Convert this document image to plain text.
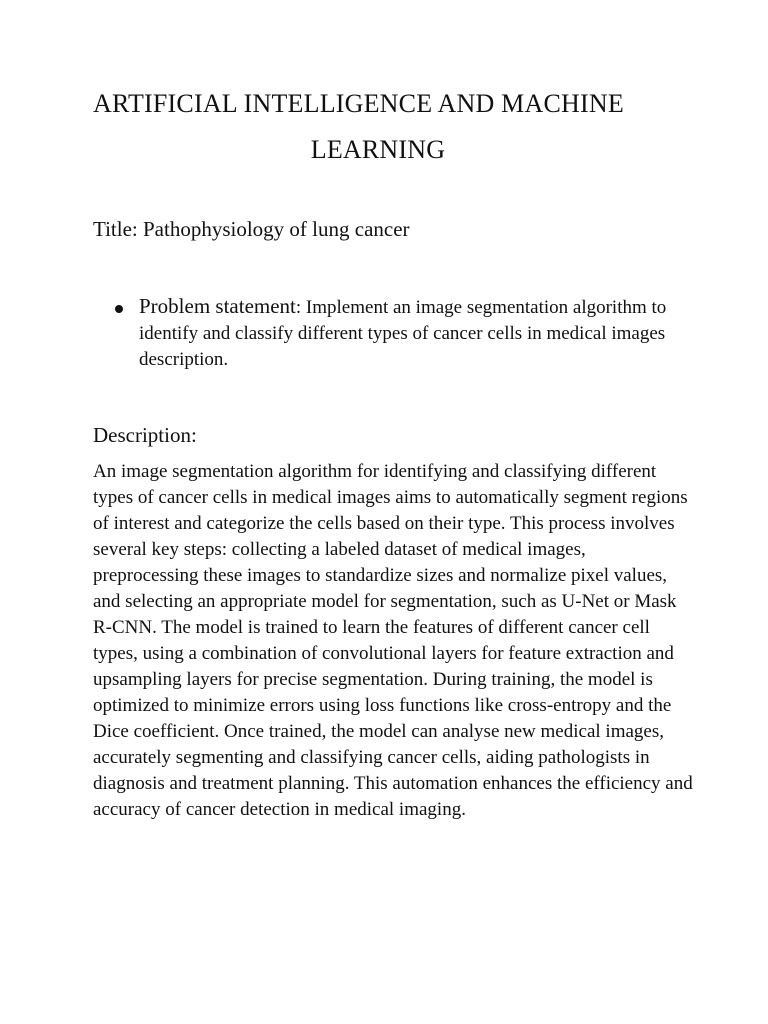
ARTIFICIAL INTELLIGENCE AND MACHINE
LEARNING
Title: Pathophysiology of lung cancer
Problem statement: Implement an image segmentation algorithm to identify and classify different types of cancer cells in medical images description.
Description:
An image segmentation algorithm for identifying and classifying different types of cancer cells in medical images aims to automatically segment regions of interest and categorize the cells based on their type. This process involves several key steps: collecting a labeled dataset of medical images, preprocessing these images to standardize sizes and normalize pixel values, and selecting an appropriate model for segmentation, such as U-Net or Mask R-CNN. The model is trained to learn the features of different cancer cell types, using a combination of convolutional layers for feature extraction and upsampling layers for precise segmentation. During training, the model is optimized to minimize errors using loss functions like cross-entropy and the Dice coefficient. Once trained, the model can analyse new medical images, accurately segmenting and classifying cancer cells, aiding pathologists in diagnosis and treatment planning. This automation enhances the efficiency and accuracy of cancer detection in medical imaging.
